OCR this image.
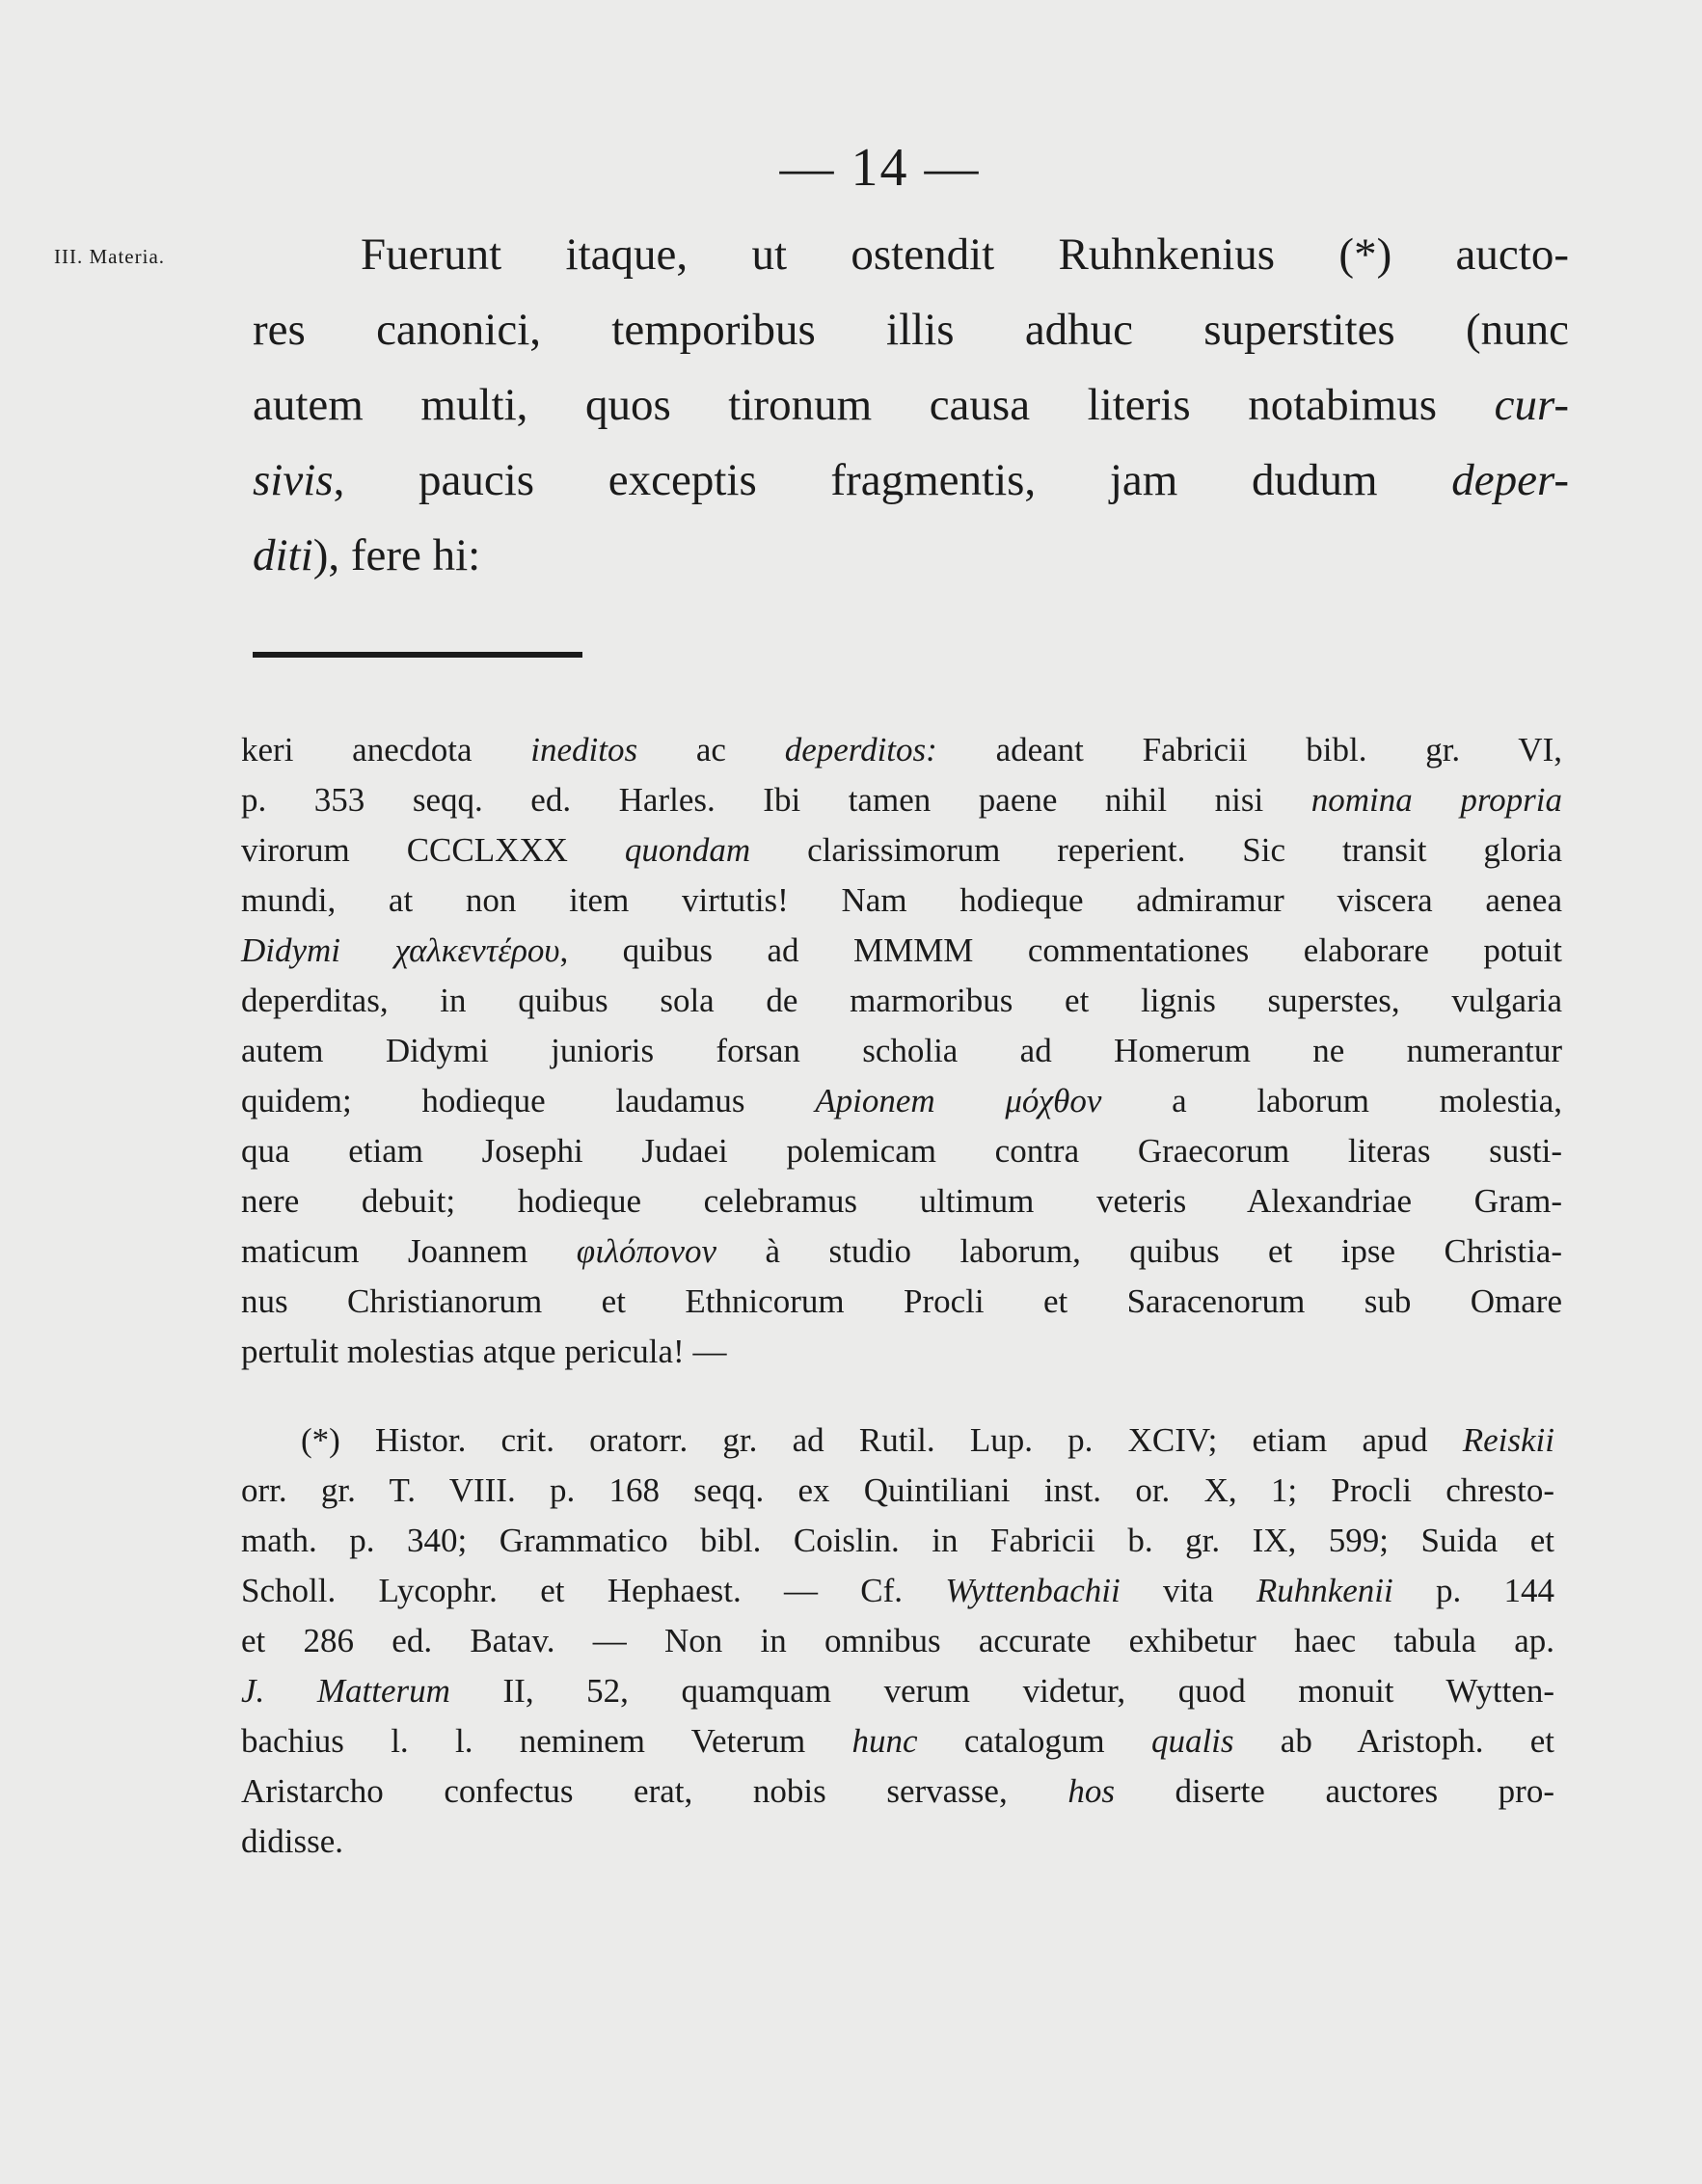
— 14 —
III. Materia.	Fuerunt itaque, ut ostendit Ruhnkenius (*) aucto-
res canonici, temporibus illis adhuc superstites (nunc
autem multi, quos tironum causa literis notabimus cur-
sivis, paucis exceptis fragmentis, jam dudum deper-
diti), fere hi:
keri anecdota ineditos ac deperditos: adeant Fabricii bibl. gr. VI,
p. 353 seqq. ed. Harles. Ibi tamen paene nihil nisi nomina propria
virorum CCCLXXX quondam clarissimorum reperient. Sic transit gloria
mundi, at non item virtutis! Nam hodieque admiramur viscera aenea
Didymi χαλκεντέρου, quibus ad MMMM commentationes elaborare potuit
deperditas, in quibus sola de marmoribus et lignis superstes, vulgaria
autem Didymi junioris forsan scholia ad Homerum ne numerantur
quidem; hodieque laudamus Apionem μόχθον a laborum molestia,
qua etiam Josephi Judaei polemicam contra Graecorum literas susti-
nere debuit; hodieque celebramus ultimum veteris Alexandriae Gram-
maticum Joannem φιλόπονον à studio laborum, quibus et ipse Christia-
nus Christianorum et Ethnicorum Procli et Saracenorum sub Omare
pertulit molestias atque pericula! —
(*) Histor. crit. oratorr. gr. ad Rutil. Lup. p. XCIV; etiam apud Reiskii
orr. gr. T. VIII. p. 168 seqq. ex Quintiliani inst. or. X, 1; Procli chresto-
math. p. 340; Grammatico bibl. Coislin. in Fabricii b. gr. IX, 599; Suida et
Scholl. Lycophr. et Hephaest. — Cf. Wyttenbachii vita Ruhnkenii p. 144
et 286 ed. Batav. — Non in omnibus accurate exhibetur haec tabula ap.
J. Matterum II, 52, quamquam verum videtur, quod monuit Wytten-
bachius l. l. neminem Veterum hunc catalogum qualis ab Aristoph. et
Aristarcho confectus erat, nobis servasse, hos diserte auctores pro-
didisse.
